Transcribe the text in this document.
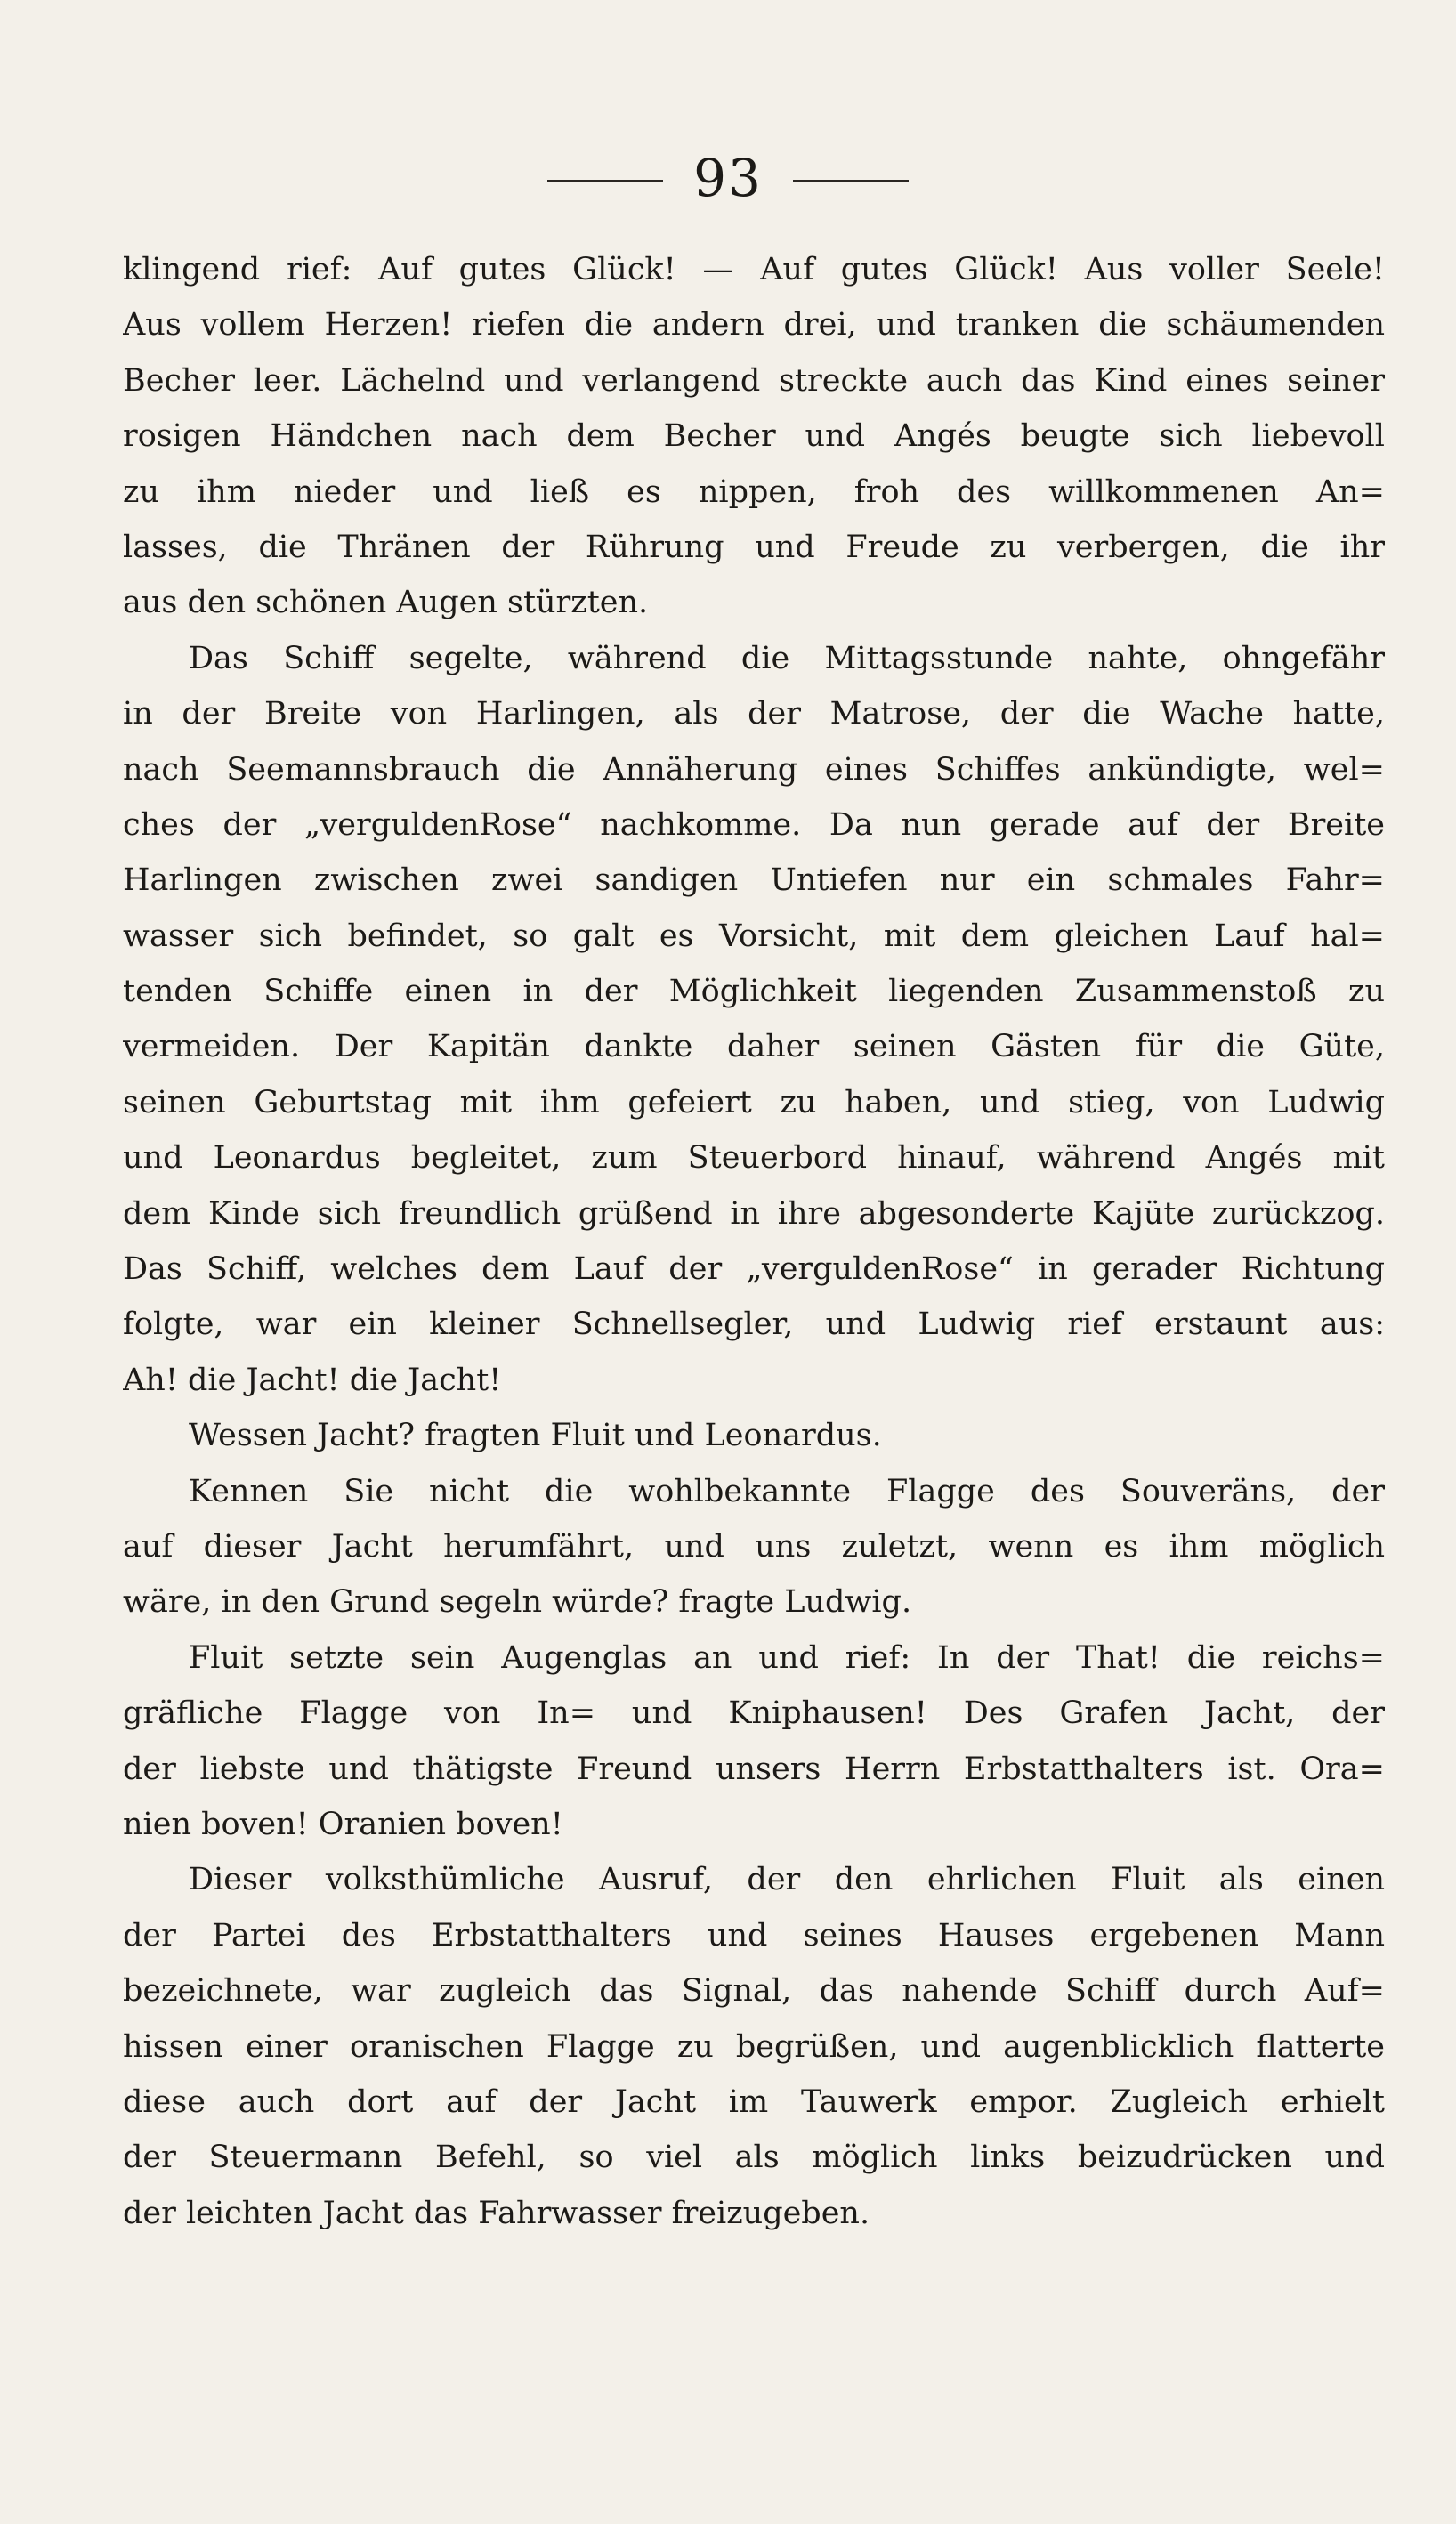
93
klingend rief: Auf gutes Glück! — Auf gutes Glück! Aus voller Seele!
Aus vollem Herzen! riefen die andern drei, und tranken die schäumenden
Becher leer. Lächelnd und verlangend streckte auch das Kind eines seiner
rosigen Händchen nach dem Becher und Angés beugte sich liebevoll
zu ihm nieder und ließ es nippen, froh des willkommenen An=
lasses, die Thränen der Rührung und Freude zu verbergen, die ihr
aus den schönen Augen stürzten.
Das Schiff segelte, während die Mittagsstunde nahte, ohngefähr
in der Breite von Harlingen, als der Matrose, der die Wache hatte,
nach Seemannsbrauch die Annäherung eines Schiffes ankündigte, wel=
ches der „verguldenRose“ nachkomme. Da nun gerade auf der Breite
Harlingen zwischen zwei sandigen Untiefen nur ein schmales Fahr=
wasser sich befindet, so galt es Vorsicht, mit dem gleichen Lauf hal=
tenden Schiffe einen in der Möglichkeit liegenden Zusammenstoß zu
vermeiden. Der Kapitän dankte daher seinen Gästen für die Güte,
seinen Geburtstag mit ihm gefeiert zu haben, und stieg, von Ludwig
und Leonardus begleitet, zum Steuerbord hinauf, während Angés mit
dem Kinde sich freundlich grüßend in ihre abgesonderte Kajüte zurückzog.
Das Schiff, welches dem Lauf der „verguldenRose“ in gerader Richtung
folgte, war ein kleiner Schnellsegler, und Ludwig rief erstaunt aus:
Ah! die Jacht! die Jacht!
Wessen Jacht? fragten Fluit und Leonardus.
Kennen Sie nicht die wohlbekannte Flagge des Souveräns, der
auf dieser Jacht herumfährt, und uns zuletzt, wenn es ihm möglich
wäre, in den Grund segeln würde? fragte Ludwig.
Fluit setzte sein Augenglas an und rief: In der That! die reichs=
gräfliche Flagge von In= und Kniphausen! Des Grafen Jacht, der
der liebste und thätigste Freund unsers Herrn Erbstatthalters ist. Ora=
nien boven! Oranien boven!
Dieser volksthümliche Ausruf, der den ehrlichen Fluit als einen
der Partei des Erbstatthalters und seines Hauses ergebenen Mann
bezeichnete, war zugleich das Signal, das nahende Schiff durch Auf=
hissen einer oranischen Flagge zu begrüßen, und augenblicklich flatterte
diese auch dort auf der Jacht im Tauwerk empor. Zugleich erhielt
der Steuermann Befehl, so viel als möglich links beizudrücken und
der leichten Jacht das Fahrwasser freizugeben.
